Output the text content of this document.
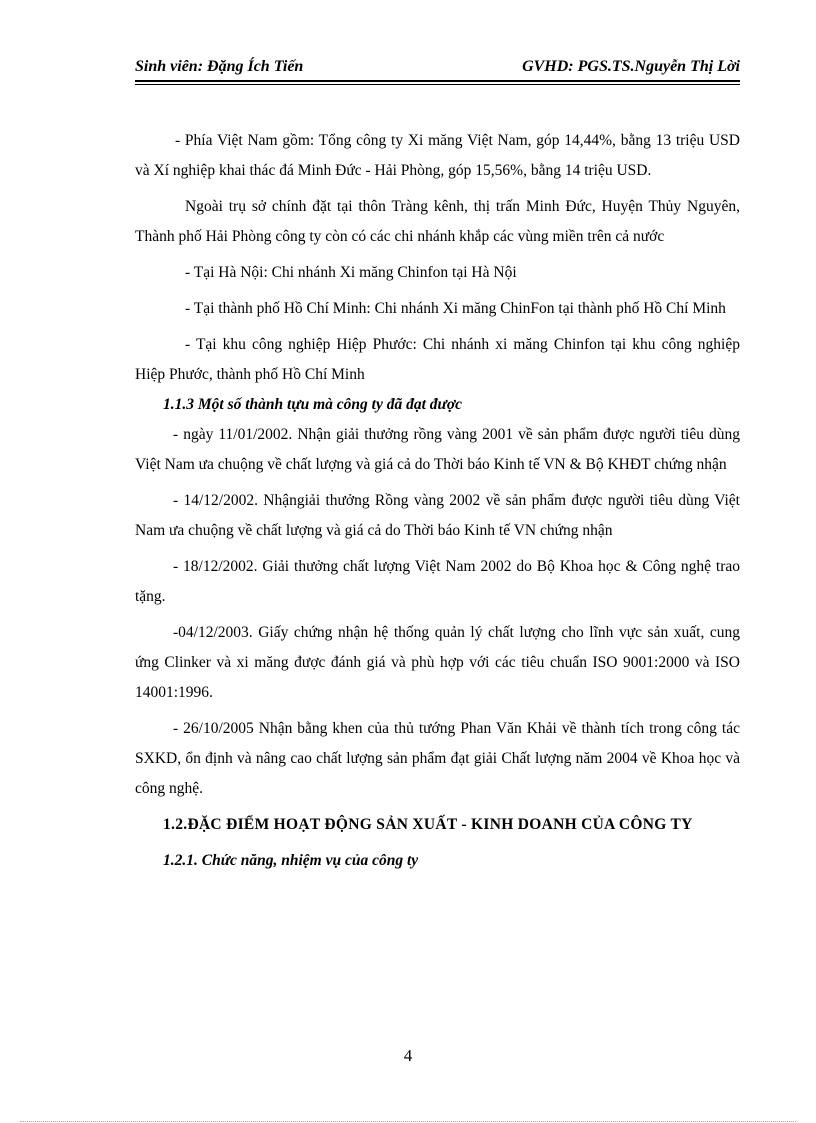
Sinh viên: Đặng Ích Tiến	GVHD: PGS.TS.Nguyễn Thị Lời

- Phía Việt Nam gồm: Tổng công ty Xi măng Việt Nam, góp 14,44%, bằng 13 triệu USD và Xí nghiệp khai thác đá Minh Đức - Hải Phòng, góp 15,56%, bằng 14 triệu USD.

Ngoài trụ sở chính đặt tại thôn Tràng kênh, thị trấn Minh Đức, Huyện Thủy Nguyên, Thành phố Hải Phòng công ty còn có các chi nhánh khắp các vùng miền trên cả nước

- Tại Hà Nội: Chi nhánh Xi măng Chinfon tại Hà Nội

- Tại thành phố Hồ Chí Minh: Chi nhánh Xi măng ChinFon tại thành phố Hồ Chí Minh

- Tại khu công nghiệp Hiệp Phước: Chi nhánh xi măng Chinfon tại khu công nghiệp Hiệp Phước, thành phố Hồ Chí Minh

1.1.3 Một số thành tựu mà công ty đã đạt được

- ngày 11/01/2002. Nhận giải thưởng rồng vàng 2001 về sản phẩm được người tiêu dùng Việt Nam ưa chuộng về chất lượng và giá cả do Thời báo Kinh tế VN & Bộ KHĐT chứng nhận

- 14/12/2002. Nhậngiải thưởng Rồng vàng 2002 về sản phẩm được người tiêu dùng Việt Nam ưa chuộng về chất lượng và giá cả do Thời báo Kinh tế VN chứng nhận

- 18/12/2002. Giải thưởng chất lượng Việt Nam 2002 do Bộ Khoa học & Công nghệ trao tặng.

-04/12/2003. Giấy chứng nhận hệ thống quản lý chất lượng cho lĩnh vực sản xuất, cung ứng Clinker và xi măng được đánh giá và phù hợp với các tiêu chuẩn ISO 9001:2000 và ISO 14001:1996.

- 26/10/2005 Nhận bằng khen của thủ tướng Phan Văn Khải về thành tích trong công tác SXKD, ổn định và nâng cao chất lượng sản phẩm đạt giải Chất lượng năm 2004 về Khoa học và công nghệ.

1.2.ĐẶC ĐIỂM HOẠT ĐỘNG SẢN XUẤT - KINH DOANH CỦA CÔNG TY

1.2.1. Chức năng, nhiệm vụ của công ty

4
